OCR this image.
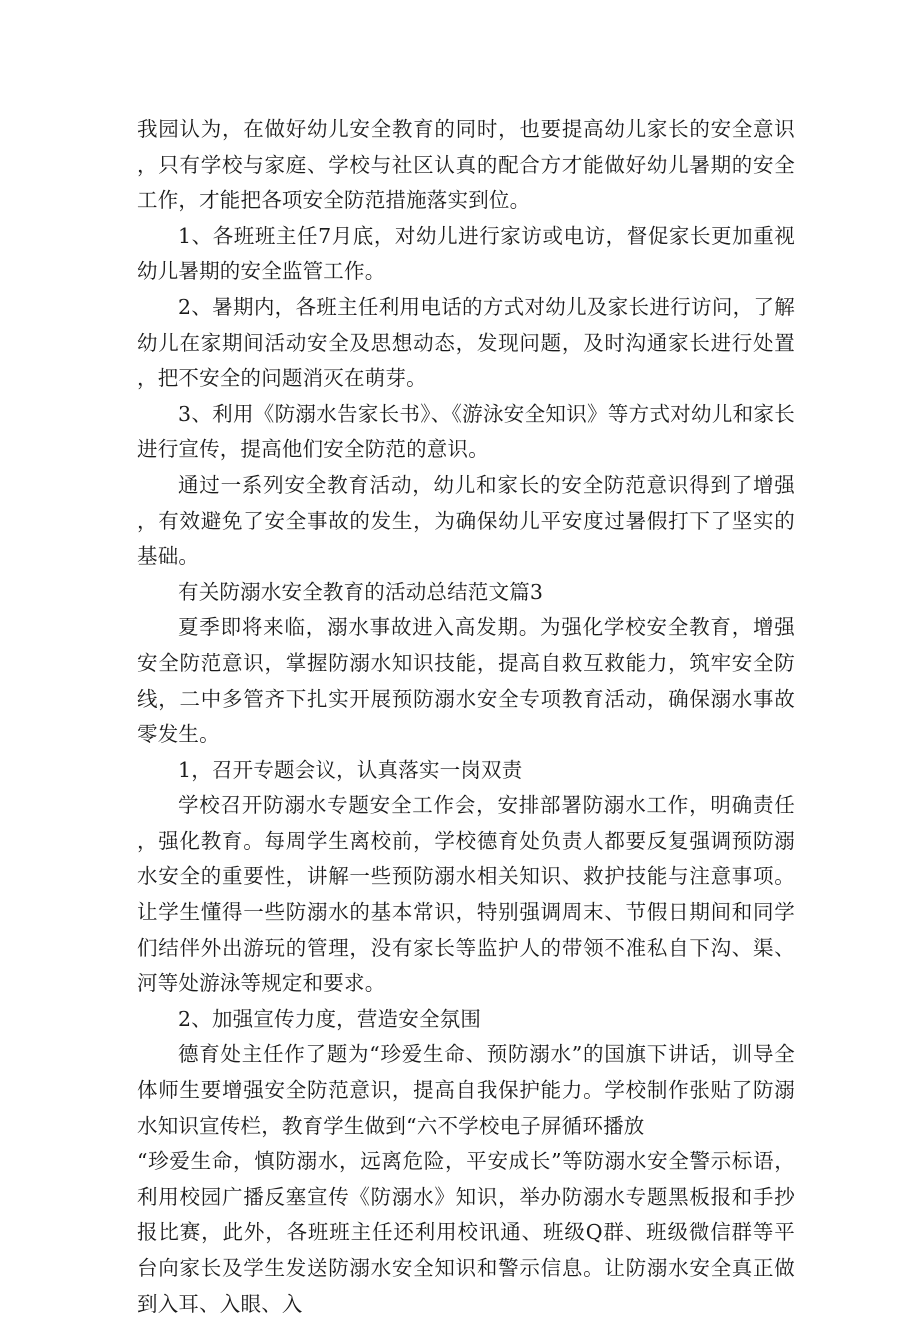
我园认为，在做好幼儿安全教育的同时，也要提高幼儿家长的安全意识，只有学校与家庭、学校与社区认真的配合方才能做好幼儿暑期的安全工作，才能把各项安全防范措施落实到位。

1、各班班主任7月底，对幼儿进行家访或电访，督促家长更加重视幼儿暑期的安全监管工作。

2、暑期内，各班主任利用电话的方式对幼儿及家长进行访问，了解幼儿在家期间活动安全及思想动态，发现问题，及时沟通家长进行处置，把不安全的问题消灭在萌芽。

3、利用《防溺水告家长书》、《游泳安全知识》等方式对幼儿和家长进行宣传，提高他们安全防范的意识。

通过一系列安全教育活动，幼儿和家长的安全防范意识得到了增强，有效避免了安全事故的发生，为确保幼儿平安度过暑假打下了坚实的基础。

有关防溺水安全教育的活动总结范文篇3

夏季即将来临，溺水事故进入高发期。为强化学校安全教育，增强安全防范意识，掌握防溺水知识技能，提高自救互救能力，筑牢安全防线，二中多管齐下扎实开展预防溺水安全专项教育活动，确保溺水事故零发生。

1，召开专题会议，认真落实一岗双责

学校召开防溺水专题安全工作会，安排部署防溺水工作，明确责任，强化教育。每周学生离校前，学校德育处负责人都要反复强调预防溺水安全的重要性，讲解一些预防溺水相关知识、救护技能与注意事项。让学生懂得一些防溺水的基本常识，特别强调周末、节假日期间和同学们结伴外出游玩的管理，没有家长等监护人的带领不准私自下沟、渠、河等处游泳等规定和要求。

2、加强宣传力度，营造安全氛围

德育处主任作了题为“珍爱生命、预防溺水”的国旗下讲话，训导全体师生要增强安全防范意识，提高自我保护能力。学校制作张贴了防溺水知识宣传栏，教育学生做到“六不学校电子屏循环播放

“珍爱生命，慎防溺水，远离危险，平安成长”等防溺水安全警示标语，利用校园广播反塞宣传《防溺水》知识，举办防溺水专题黑板报和手抄报比赛，此外，各班班主任还利用校讯通、班级Q群、班级微信群等平台向家长及学生发送防溺水安全知识和警示信息。让防溺水安全真正做到入耳、入眼、入
